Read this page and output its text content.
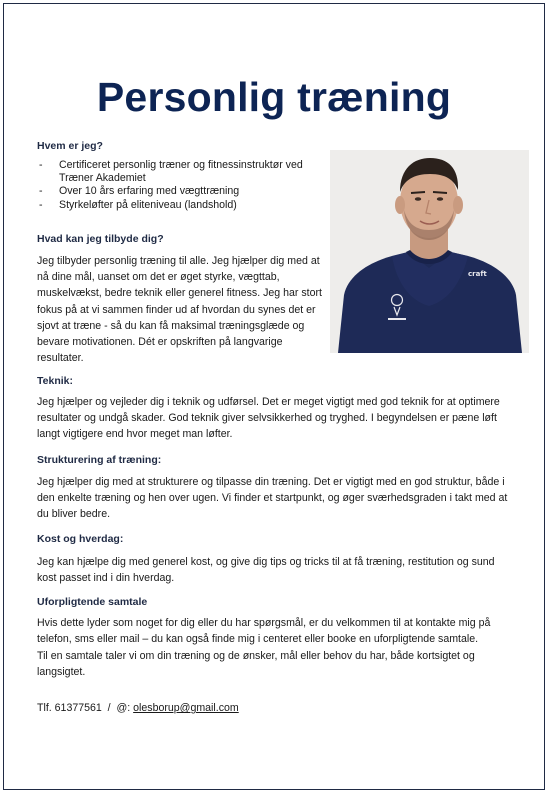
Personlig træning
Hvem er jeg?
- Certificeret personlig træner og fitnessinstruktør ved Træner Akademiet
- Over 10 års erfaring med vægttræning
- Styrkeløfter på eliteniveau (landshold)
Hvad kan jeg tilbyde dig?
Jeg tilbyder personlig træning til alle. Jeg hjælper dig med at nå dine mål, uanset om det er øget styrke, vægttab, muskelvækst, bedre teknik eller generel fitness. Jeg har stort fokus på at vi sammen finder ud af hvordan du synes det er sjovt at træne - så du kan få maksimal træningsglæde og bevare motivationen. Dét er opskriften på langvarige resultater.
craft
Teknik:
Jeg hjælper og vejleder dig i teknik og udførsel. Det er meget vigtigt med god teknik for at optimere resultater og undgå skader. God teknik giver selvsikkerhed og tryghed. I begyndelsen er pæne løft langt vigtigere end hvor meget man løfter.
Strukturering af træning:
Jeg hjælper dig med at strukturere og tilpasse din træning. Det er vigtigt med en god struktur, både i den enkelte træning og hen over ugen. Vi finder et startpunkt, og øger sværhedsgraden i takt med at du bliver bedre.
Kost og hverdag:
Jeg kan hjælpe dig med generel kost, og give dig tips og tricks til at få træning, restitution og sund kost passet ind i din hverdag.
Uforpligtende samtale
Hvis dette lyder som noget for dig eller du har spørgsmål, er du velkommen til at kontakte mig på telefon, sms eller mail – du kan også finde mig i centeret eller booke en uforpligtende samtale.
Til en samtale taler vi om din træning og de ønsker, mål eller behov du har, både kortsigtet og langsigtet.
Tlf. 61377561  /  @: olesborup@gmail.com
